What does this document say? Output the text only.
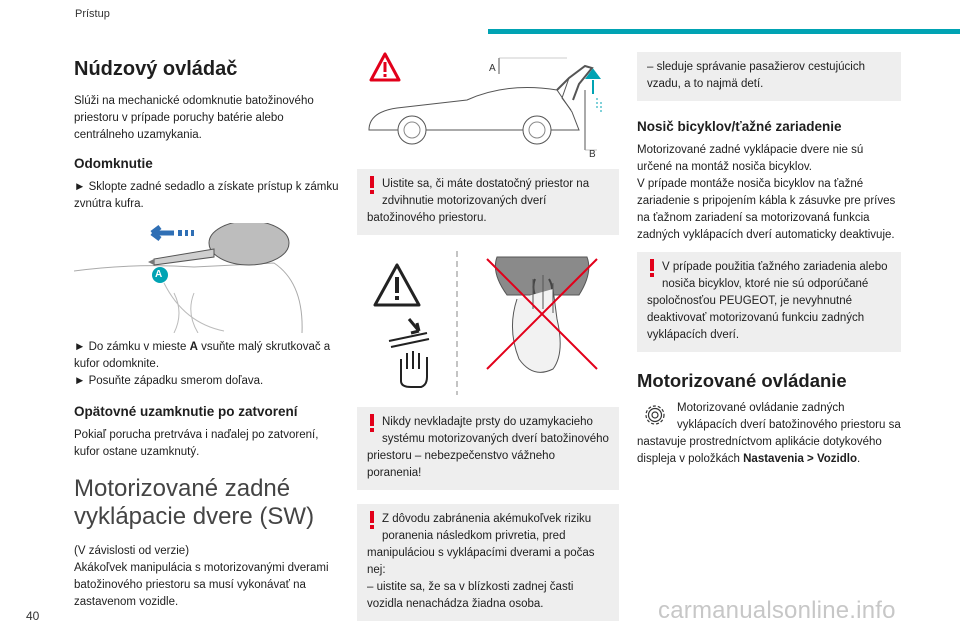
Prístup
Núdzový ovládač

Slúži na mechanické odomknutie batožinového priestoru v prípade poruchy batérie alebo centrálneho uzamykania.

Odomknutie

► Sklopte zadné sedadlo a získate prístup k zámku zvnútra kufra.

A

► Do zámku v mieste A vsuňte malý skrutkovač a kufor odomknite.

► Posuňte západku smerom doľava.

Opätovné uzamknutie po zatvorení

Pokiaľ porucha pretrváva i naďalej po zatvorení, kufor ostane uzamknutý.

Motorizované zadné vyklápacie dvere (SW)

(V závislosti od verzie)

Akákoľvek manipulácia s motorizovanými dverami batožinového priestoru sa musí vykonávať na zastavenom vozidle.

A
B

Uistite sa, či máte dostatočný priestor na zdvihnutie motorizovaných dverí batožinového priestoru.

Nikdy nevkladajte prsty do uzamykacieho systému motorizovaných dverí batožinového priestoru – nebezpečenstvo vážneho poranenia!

Z dôvodu zabránenia akémukoľvek riziku poranenia následkom privretia, pred manipuláciou s vyklápacími dverami a počas nej:

– uistite sa, že sa v blízkosti zadnej časti vozidla nenachádza žiadna osoba.

– sleduje správanie pasažierov cestujúcich vzadu, a to najmä detí.

Nosič bicyklov/ťažné zariadenie

Motorizované zadné vyklápacie dvere nie sú určené na montáž nosiča bicyklov.

V prípade montáže nosiča bicyklov na ťažné zariadenie s pripojením kábla k zásuvke pre príves na ťažnom zariadení sa motorizovaná funkcia zadných vyklápacích dverí automaticky deaktivuje.

V prípade použitia ťažného zariadenia alebo nosiča bicyklov, ktoré nie sú odporúčané spoločnosťou PEUGEOT, je nevyhnutné deaktivovať motorizovanú funkciu zadných vyklápacích dverí.

Motorizované ovládanie

Motorizované ovládanie zadných vyklápacích dverí batožinového priestoru sa nastavuje prostredníctvom aplikácie dotykového displeja v položkách Nastavenia > Vozidlo.

40	carmanualsonline.info
